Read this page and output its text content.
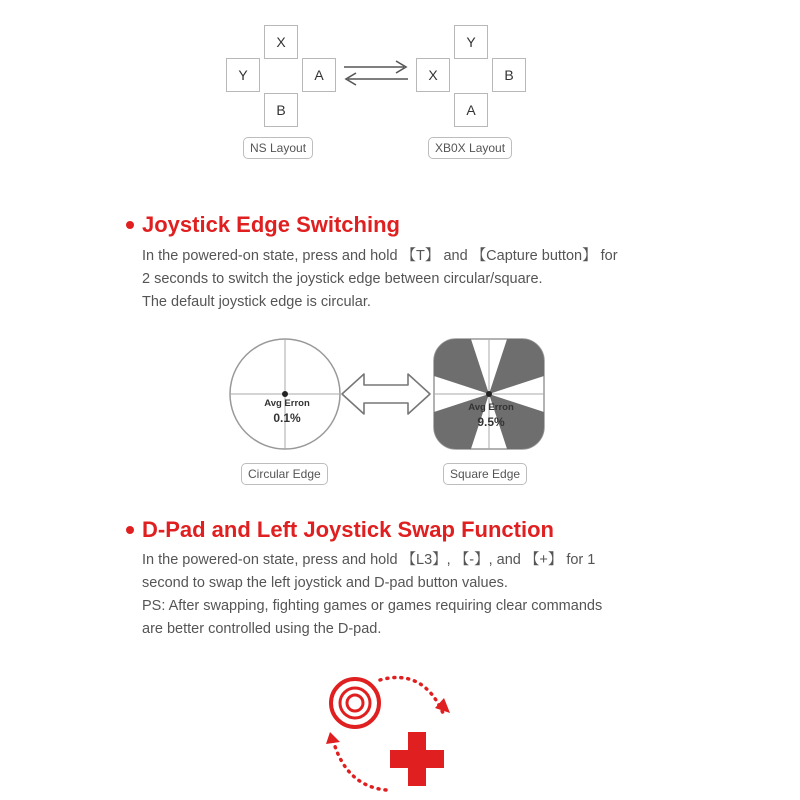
X
Y	A
B
NS Layout
Y
X	B
A
XB0X Layout
Joystick Edge Switching
In the powered-on state, press and hold 【T】 and 【Capture button】 for
2 seconds to switch the joystick edge between circular/square.
The default joystick edge is circular.
Avg Erron
0.1%
Circular Edge
Avg Erron
9.5%
Square Edge
D-Pad and Left Joystick Swap Function
In the powered-on state, press and hold 【L3】, 【-】, and 【+】 for 1
second to swap the left joystick and D-pad button values.
PS: After swapping, fighting games or games requiring clear commands
are better controlled using the D-pad.
